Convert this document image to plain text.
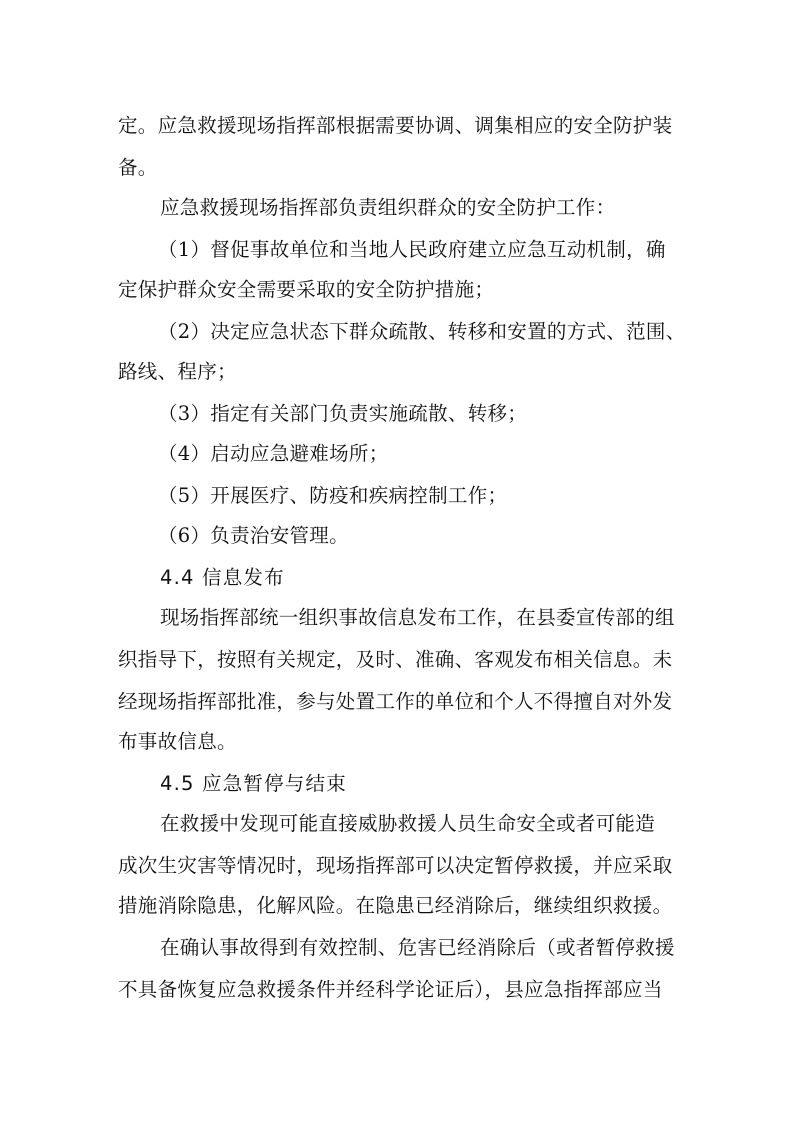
定。应急救援现场指挥部根据需要协调、调集相应的安全防护装
备。
应急救援现场指挥部负责组织群众的安全防护工作：
（1）督促事故单位和当地人民政府建立应急互动机制，确
定保护群众安全需要采取的安全防护措施；
（2）决定应急状态下群众疏散、转移和安置的方式、范围、
路线、程序；
（3）指定有关部门负责实施疏散、转移；
（4）启动应急避难场所；
（5）开展医疗、防疫和疾病控制工作；
（6）负责治安管理。
4.4 信息发布
现场指挥部统一组织事故信息发布工作，在县委宣传部的组
织指导下，按照有关规定，及时、准确、客观发布相关信息。未
经现场指挥部批准，参与处置工作的单位和个人不得擅自对外发
布事故信息。
4.5 应急暂停与结束
在救援中发现可能直接威胁救援人员生命安全或者可能造
成次生灾害等情况时，现场指挥部可以决定暂停救援，并应采取
措施消除隐患，化解风险。在隐患已经消除后，继续组织救援。
在确认事故得到有效控制、危害已经消除后（或者暂停救援
不具备恢复应急救援条件并经科学论证后），县应急指挥部应当
